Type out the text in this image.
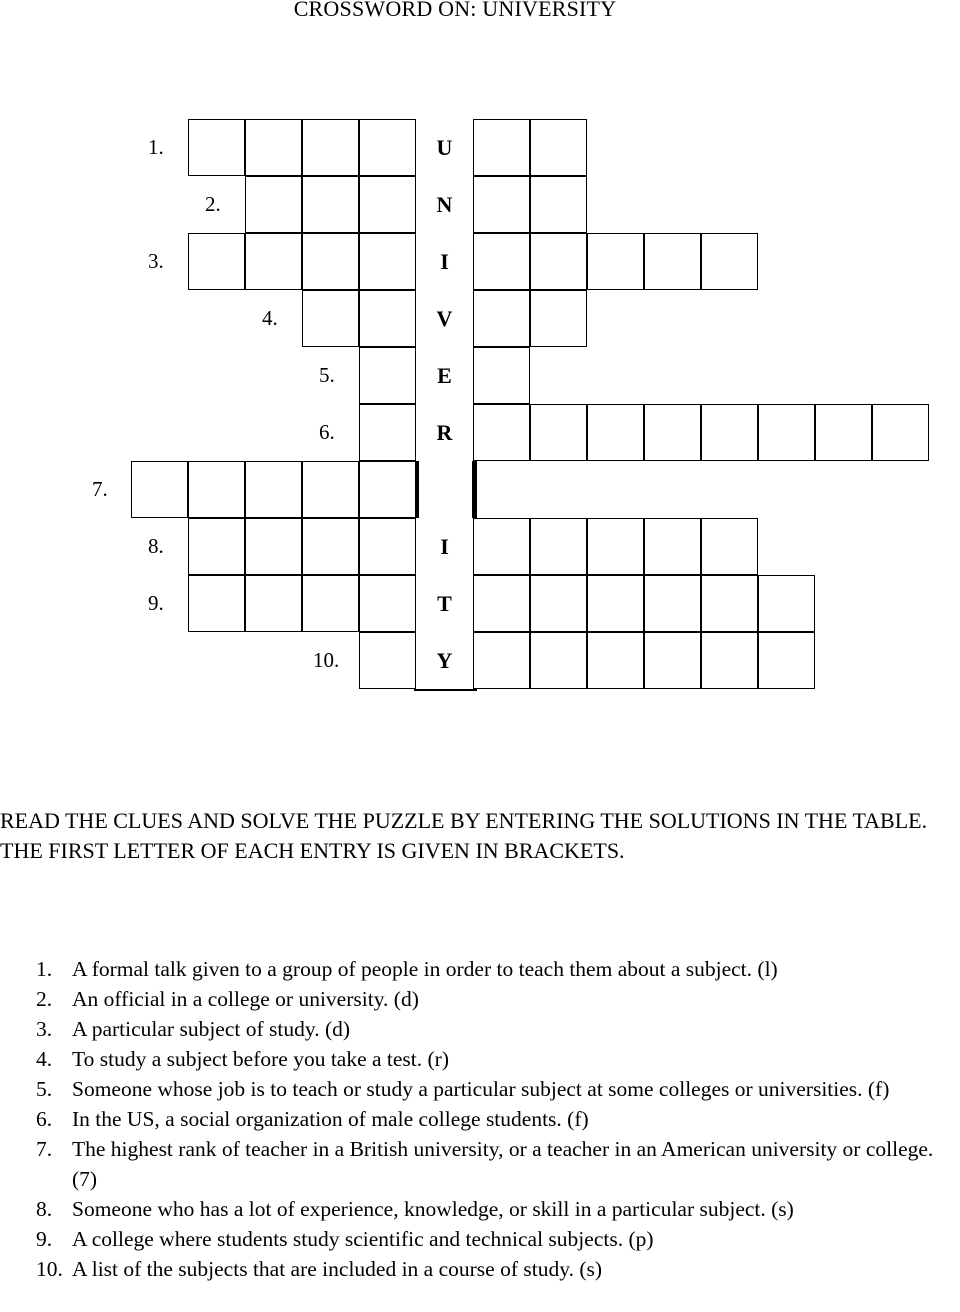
CROSSWORD ON: UNIVERSITY
1.	U
2.	N
3.	I
4.	V
5.	E
6.	R
7.
8.	I
9.	T
10.	Y
READ THE CLUES AND SOLVE THE PUZZLE BY ENTERING THE SOLUTIONS IN THE TABLE. THE FIRST LETTER OF EACH ENTRY IS GIVEN IN BRACKETS.
1. A formal talk given to a group of people in order to teach them about a subject. (l)
2. An official in a college or university. (d)
3. A particular subject of study. (d)
4. To study a subject before you take a test. (r)
5. Someone whose job is to teach or study a particular subject at some colleges or universities. (f)
6. In the US, a social organization of male college students. (f)
7. The highest rank of teacher in a British university, or a teacher in an American university or college. (7)
8. Someone who has a lot of experience, knowledge, or skill in a particular subject. (s)
9. A college where students study scientific and technical subjects. (p)
10. A list of the subjects that are included in a course of study. (s)
